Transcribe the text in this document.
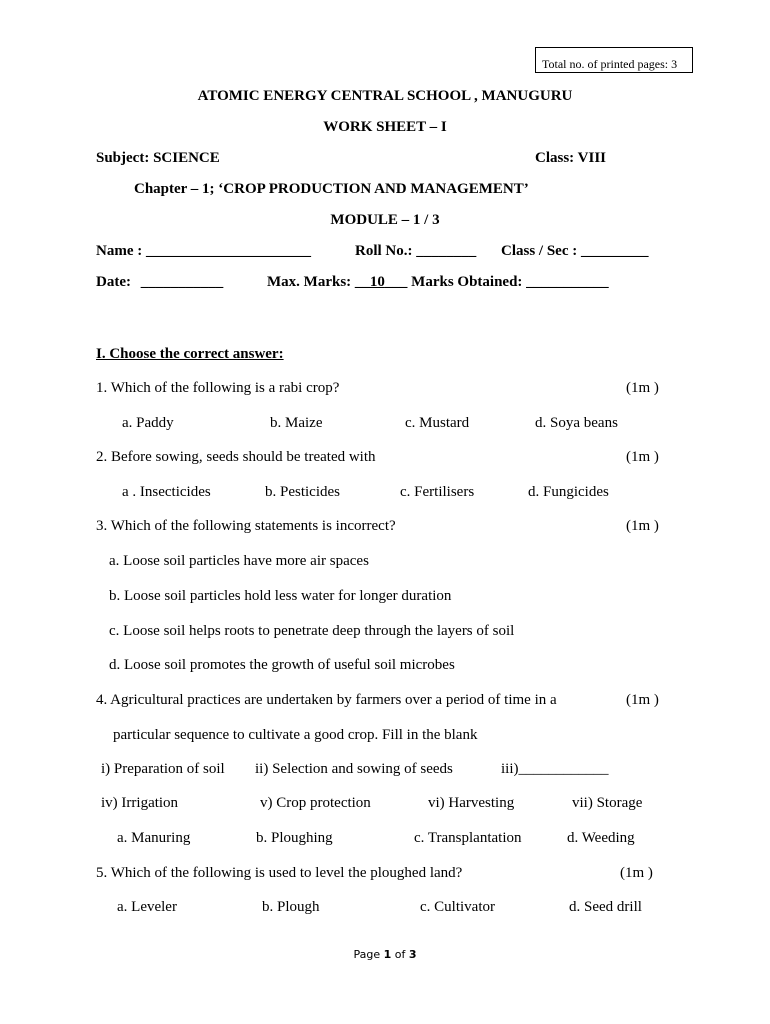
Total no. of printed pages: 3
ATOMIC ENERGY CENTRAL SCHOOL , MANUGURU
WORK SHEET – I
Subject: SCIENCE	Class: VIII
Chapter – 1; ‘CROP PRODUCTION AND MANAGEMENT’
MODULE – 1 / 3
Name : ______________________	Roll No.: ________ Class / Sec : _________
Date: ___________	Max. Marks: __10___ Marks Obtained: ___________
I. Choose the correct answer:
1. Which of the following is a rabi crop?	(1m )
a. Paddy	b. Maize	c. Mustard	d. Soya beans
2. Before sowing, seeds should be treated with	(1m )
a . Insecticides	b. Pesticides	c. Fertilisers	d. Fungicides
3. Which of the following statements is incorrect?	(1m )
a. Loose soil particles have more air spaces
b. Loose soil particles hold less water for longer duration
c. Loose soil helps roots to penetrate deep through the layers of soil
d. Loose soil promotes the growth of useful soil microbes
4. Agricultural practices are undertaken by farmers over a period of time in a	(1m )
particular sequence to cultivate a good crop. Fill in the blank
i) Preparation of soil ii) Selection and sowing of seeds	iii)____________
iv) Irrigation	v) Crop protection	vi) Harvesting	vii) Storage
a. Manuring	b. Ploughing	c. Transplantation	d. Weeding
5. Which of the following is used to level the ploughed land?	(1m )
a. Leveler	b. Plough	c. Cultivator	d. Seed drill
Page 1 of 3
